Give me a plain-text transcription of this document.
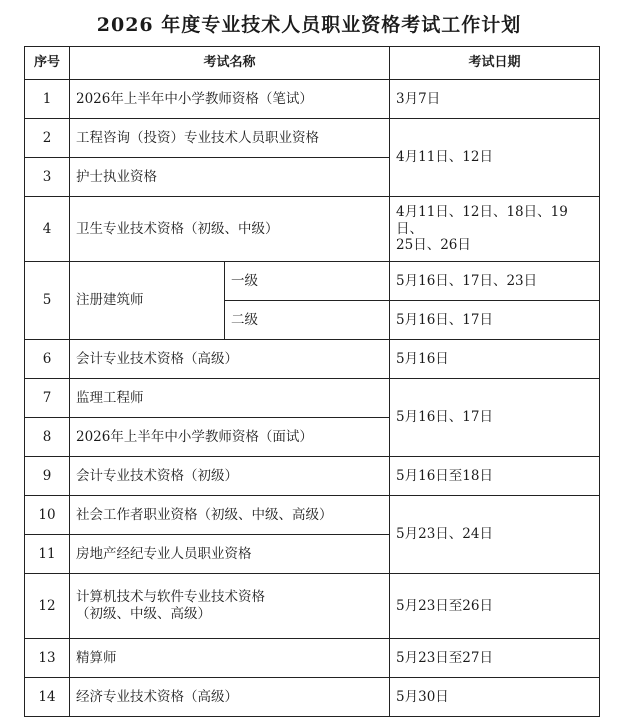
2026 年度专业技术人员职业资格考试工作计划
序号	考试名称		考试日期
1	2026年上半年中小学教师资格（笔试）		3月7日
2	工程咨询（投资）专业技术人员职业资格		4月11日、12日
3	护士执业资格		
4	卫生专业技术资格（初级、中级）		4月11日、12日、18日、19日、
25日、26日

5	注册建筑师	一级	5月16日、17日、23日
		二级	5月16日、17日
6	会计专业技术资格（高级）		5月16日
7	监理工程师		5月16日、17日
8	2026年上半年中小学教师资格（面试）		
9	会计专业技术资格（初级）		5月16日至18日
10	社会工作者职业资格（初级、中级、高级）		5月23日、24日
11	房地产经纪专业人员职业资格		
12	计算机技术与软件专业技术资格
（初级、中级、高级）		5月23日至26日
13	精算师		5月23日至27日
14	经济专业技术资格（高级）		5月30日
